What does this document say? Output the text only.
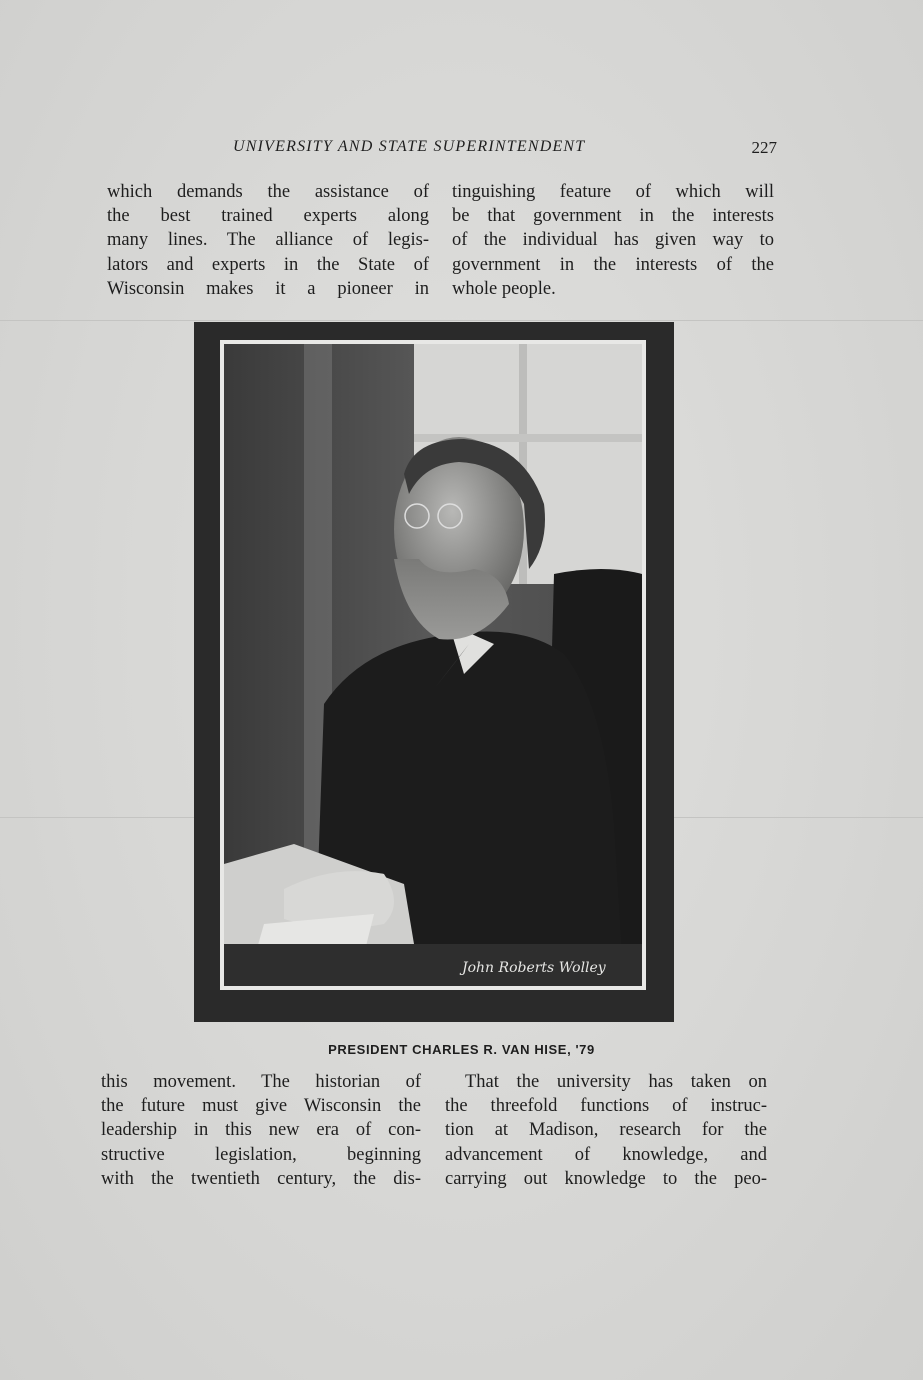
UNIVERSITY AND STATE SUPERINTENDENT	227
which demands the assistance of
the best trained experts along
many lines. The alliance of legis-
lators and experts in the State of
Wisconsin makes it a pioneer in
tinguishing feature of which will
be that government in the interests
of the individual has given way to
government in the interests of the
whole people.
John Roberts Wolley
PRESIDENT CHARLES R. VAN HISE, '79
this movement. The historian of
the future must give Wisconsin the
leadership in this new era of con-
structive legislation, beginning
with the twentieth century, the dis-
That the university has taken on
the threefold functions of instruc-
tion at Madison, research for the
advancement of knowledge, and
carrying out knowledge to the peo-
